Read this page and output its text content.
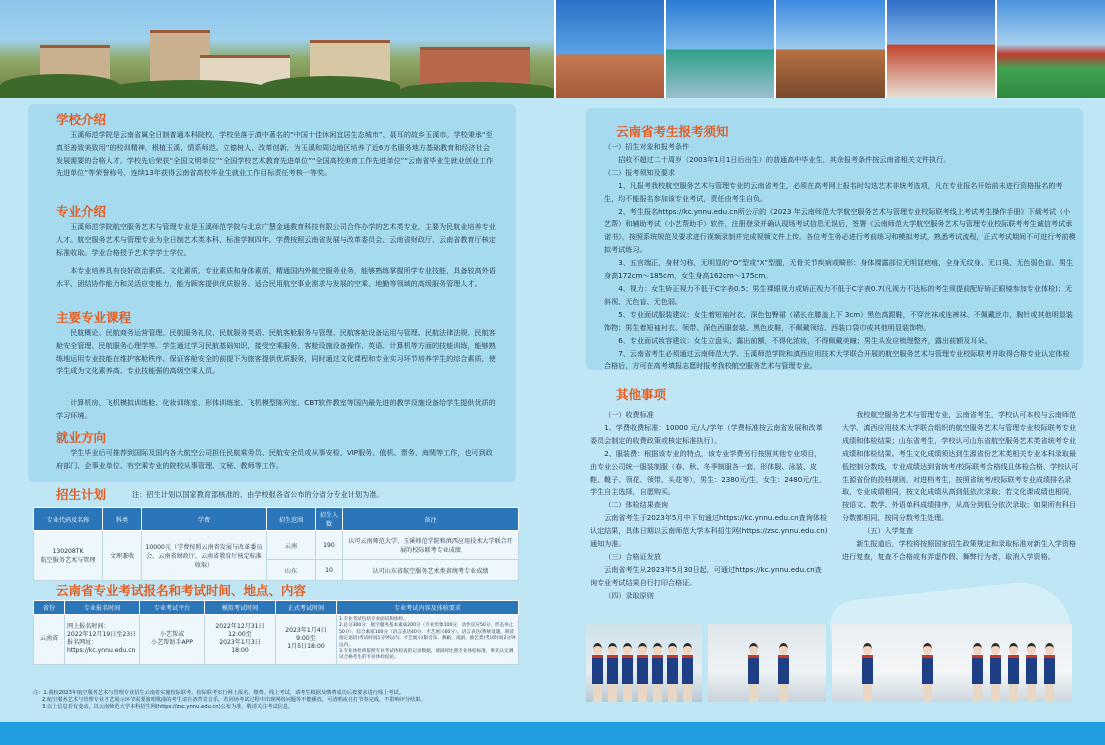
学校介绍

玉溪师范学院是云南省属全日制普通本科院校，学校坐落于滇中著名的“中国十佳休闲宜居生态城市”、聂耳的故乡玉溪市。学校秉承“至真至善致美致用”的校训精神，根植玉溪、情系师范、立德树人、改革创新，为玉溪和周边地区培养了近6万名服务地方基础教育和经济社会发展需要的合格人才。学校先后荣获“全国文明单位”“全国学校艺术教育先进单位”“全国高校美育工作先进单位”“云南省毕业生就业创业工作先进单位”等荣誉称号，连续13年获得云南省高校毕业生就业工作目标责任考核一等奖。

专业介绍

玉溪师范学院航空服务艺术与管理专业是玉溪师范学院与北京广慧金通教育科技有限公司合作办学的艺术类专业，主要为民航业培养专业人才。航空服务艺术与管理专业为全日制艺术类本科，标准学制四年。学费按照云南省发展与改革委员会、云南省财政厅、云南省教育厅核定标准收取。学业合格授予艺术学学士学位。

本专业培养具有良好政治素质、文化素质、专业素质和身体素质，精通国内外航空服务业务，能够熟练掌握所学专业技能，具备较高外语水平、团结协作能力和灵活应变能力，能为顾客提供优质服务、适合民用航空事业需求与发展的空乘、地勤等领域的高级服务管理人才。

主要专业课程

民航概论、民航商务运营管理、民航服务礼仪、民航服务英语、民航客舱服务与管理、民航客舱设备运用与管理、民航法律法规、民航客舱安全管理、民航服务心理学等。学生通过学习民航基础知识，接受空乘服务、客舱设施设备操作、英语、计算机等方面的技能训练，能够熟练地运用专业技能在维护客舱秩序、保证客舱安全的前提下为旅客提供优质服务，同时通过文化课程和专业实习环节培养学生的综合素质，使学生成为文化素养高、专业技能强的高级空乘人员。

计算机房、飞机模拟训练舱、化妆训练室、形体训练室、飞机模型陈列室、CBT软件教室等国内最先进的教学设施设备给学生提供优质的学习环境。

就业方向

学生毕业后可推荐到国际及国内各大航空公司担任民航乘务员、民航安全员或从事安检、VIP服务、值机、票务、海関等工作，也可到政府部门、企事业单位、有空乘专业的院校从事管理、文秘、教师等工作。

招生计划	注：招生计划以国家教育部核准的、由学校报各省公布的分省分专业计划为准。
专业代码及名称	科类	学费	招生范围	招生人数	备注
130208TK
航空服务艺术与管理	文理兼收	10000元（学费按照云南省发展与改革委员会、云南省财政厅、云南省教育厅核定标准收取）	云南	190	认可云南师范大学、玉溪师范学院和滇西应用技术大学联合开展的校际联考专业成绩
			山东	10	认可山东省航空服务艺术类省统考专业成绩
云南省专业考试报名和考试时间、地点、内容
省份	专业报名时间	专业考试平台	模拟考试时间	正式考试时间	专业考试内容及体验要求
云南省	网上报名时间：
2022年12月19日至23日
报名网址：
https://kc.ynnu.edu.cn	小艺帮或
小艺帮助手APP	2022年12月31日
12:00至
2023年1月3日
18:00	2023年1月4日
9:00至
1月5日18:00	1.专业考试包括专业面试和体检。
2.总分300分：航空服务基本素质200分（专业形象100分，动作反应50分，形态举止50分），综合素质100分（语言表达40分，才艺展示60分）。语言表达(系统设题，朗读指定语段)考试时间1分钟以内；才艺展示(限音乐、舞蹈、戏剧、曲艺类)考试时间2分钟以内。
3.专业体检将依照专业考试体检表的记录数据，请同时比照专业体检标准，事先认定测试合格考生的专业体检结论。
注：1.我校2023年航空服务艺术与管理专业招生云南省实施校际联考。校际联考实行网上报名、缴费、线上考试。请考生根据及缴费成功后按要求进行线上考试。
2.航空服务艺术与管理专业才艺展示环节需要演唱歌曲的考生请自备背景音乐，若因场考试过程中出现网络问题等不能播放，可清唱或自打节奏完成，不影响评分结果。
3.以上信息若有变动，以云南师范大学本科招生网(https://zsc.ynnu.edu.cn)公布为准，敬请关注考试信息。
云南省考生报考须知

（一）招生对象和报考条件

招收不超过二十周岁（2003年1月1日后出生）的普通高中毕业生，其余报考条件按云南省相关文件执行。

（二）报考须知及要求

1、凡报考我校航空服务艺术与管理专业的云南省考生，必须在高考网上报名时勾选艺术非统考选项，凡在专业报名开始前未进行资格报名的考生，均不能报名参加该专业考试，责任由考生自负。

2、考生报名https://kc.ynnu.edu.cn所公示的《2023 年云南师范大学航空服务艺术与管理专业校际联考线上考试考生操作手册》下载考试（小艺帮）和辅助考试（小艺帮助手）软件，注册登录并确认现场考试信息无误后，签署《云南师范大学航空服务艺术与管理专业校际联考考生诚信考试承诺书》，按照系统规范及要求进行视频录制并完成视频文件上传。各位考生务必进行考前练习和模拟考试，熟悉考试流程，正式考试期间不可进行考前模拟考试练习。

3、五官端正，身材匀称，无明显的“O”型或“X”型腿，无骨关节疾病或畸形；身体裸露部位无明显疤痕，全身无纹身、无口臭、无色弱色盲。男生身高172cm～185cm，女生身高162cm～175cm。

4、视力：女生矫正视力不低于C字表0.5；男生裸眼视力或矫正视力不低于C字表0.7(凡视力不达标的考生须提前配好矫正眼镜参加专业体检)；无斜视、无色盲、无色弱。

5、专业面试服装建议：女生着短袖衬衣、深色包臀裙（裙长在膝盖上下 3cm）黑色高跟鞋，不穿丝袜或连裤袜、不佩戴丝巾，胸针或其他明显装饰物；男生着短袖衬衣、领带、深色西服套装、黑色皮鞋，不佩戴领结、西装口袋巾或其他明显装饰物。

6、专业面试妆容建议：女生立盘头、露出前额，不得化浓妆，不得佩戴美瞳；男生头发应梳理整齐，露出前额及耳朵。

7、云南省考生必须通过云南师范大学、玉溪师范学院和滇西应用技术大学联合开展的航空服务艺术与管理专业校际联考并取得合格专业认定体检合格后，方可在高考填报志愿时报考我校航空服务艺术与管理专业。

其他事项

（一）收费标准

1、学费收费标准：10000 元/人/学年（学费标准按云南省发展和改革委员会制定的收费政策或核定标准执行）。

2、服装费：根据该专业的特点，该专业学费另行按照其他专业项目，由专业公司统一服装制服（春、秋、冬季制服各一套，形体服、泳装、皮鞋、靴子、领花、领带、头花等），男生：2380元/生，女生：2480元/生，学生自主选择，自愿购买。

（二）体检结果查询

云南省考生于2023年5月中下旬通过https://kc.ynnu.edu.cn查询体检认定结果，具体日期以云南师范大学本科招生网(https://zsc.ynnu.edu.cn)通知为准。

（三）合格证发放

云南省考生从2023年5月30日起，可通过https://kc.ynnu.edu.cn查询专业考试结果自行打印合格证。

（四）录取原则

我校航空服务艺术与管理专业，云南省考生，学校认可本校与云南师范大学、滇西应用技术大学联合组织的航空服务艺术与管理专业校际联考专业成绩和体检结果；山东省考生，学校认可山东省航空服务艺术类省统考专业成绩和体检结果。考生文化成绩须达到生源省份艺术类相关专业本科录取最低控制分数线，专业成绩达到省统考/校际联考合格线且体检合格，学校认可生源省份的投档规则，对进档考生，按照省统考/校际联考专业成绩排名录取，专业成绩相同，按文化成绩从高到低依次录取；若文化课成绩也相同，按语文、数学、外语单科成绩排序，从高分到低分依次录取；如果所有科目分数都相同，按同分数考生处理。

（五）入学复查

新生报道后，学校将按照国家招生政策规定和录取标准对新生入学资格进行复查，复查不合格或有弄虚作假、舞弊行为者，取消入学资格。
